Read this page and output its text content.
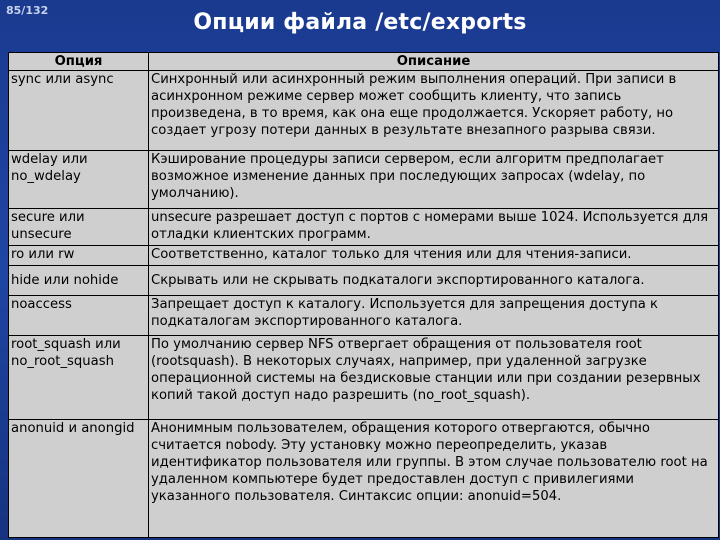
85/132	Опции файла /etc/exports
Опция	Описание
sync или async	Синхронный или асинхронный режим выполнения операций. При записи в асинхронном режиме сервер может сообщить клиенту, что запись произведена, в то время, как она еще продолжается. Ускоряет работу, но создает угрозу потери данных в результате внезапного разрыва связи.
wdelay или no_wdelay	Кэширование процедуры записи сервером, если алгоритм предполагает возможное изменение данных при последующих запросах (wdelay, по умолчанию).
secure или unsecure	unsecure разрешает доступ с портов с номерами выше 1024. Используется для отладки клиентских программ.
ro или rw	Соответственно, каталог только для чтения или для чтения-записи.
hide или nohide	Скрывать или не скрывать подкаталоги экспортированного каталога.
noaccess	Запрещает доступ к каталогу. Используется для запрещения доступа к подкаталогам экспортированного каталога.
root_squash или no_root_squash	По умолчанию сервер NFS отвергает обращения от пользователя root (rootsquash). В некоторых случаях, например, при удаленной загрузке операционной системы на бездисковые станции или при создании резервных копий такой доступ надо разрешить (no_root_squash).
anonuid и anongid	Анонимным пользователем, обращения которого отвергаются, обычно считается nobody. Эту установку можно переопределить, указав идентификатор пользователя или группы. В этом случае пользователю root на удаленном компьютере будет предоставлен доступ с привилегиями указанного пользователя. Синтаксис опции: anonuid=504.
